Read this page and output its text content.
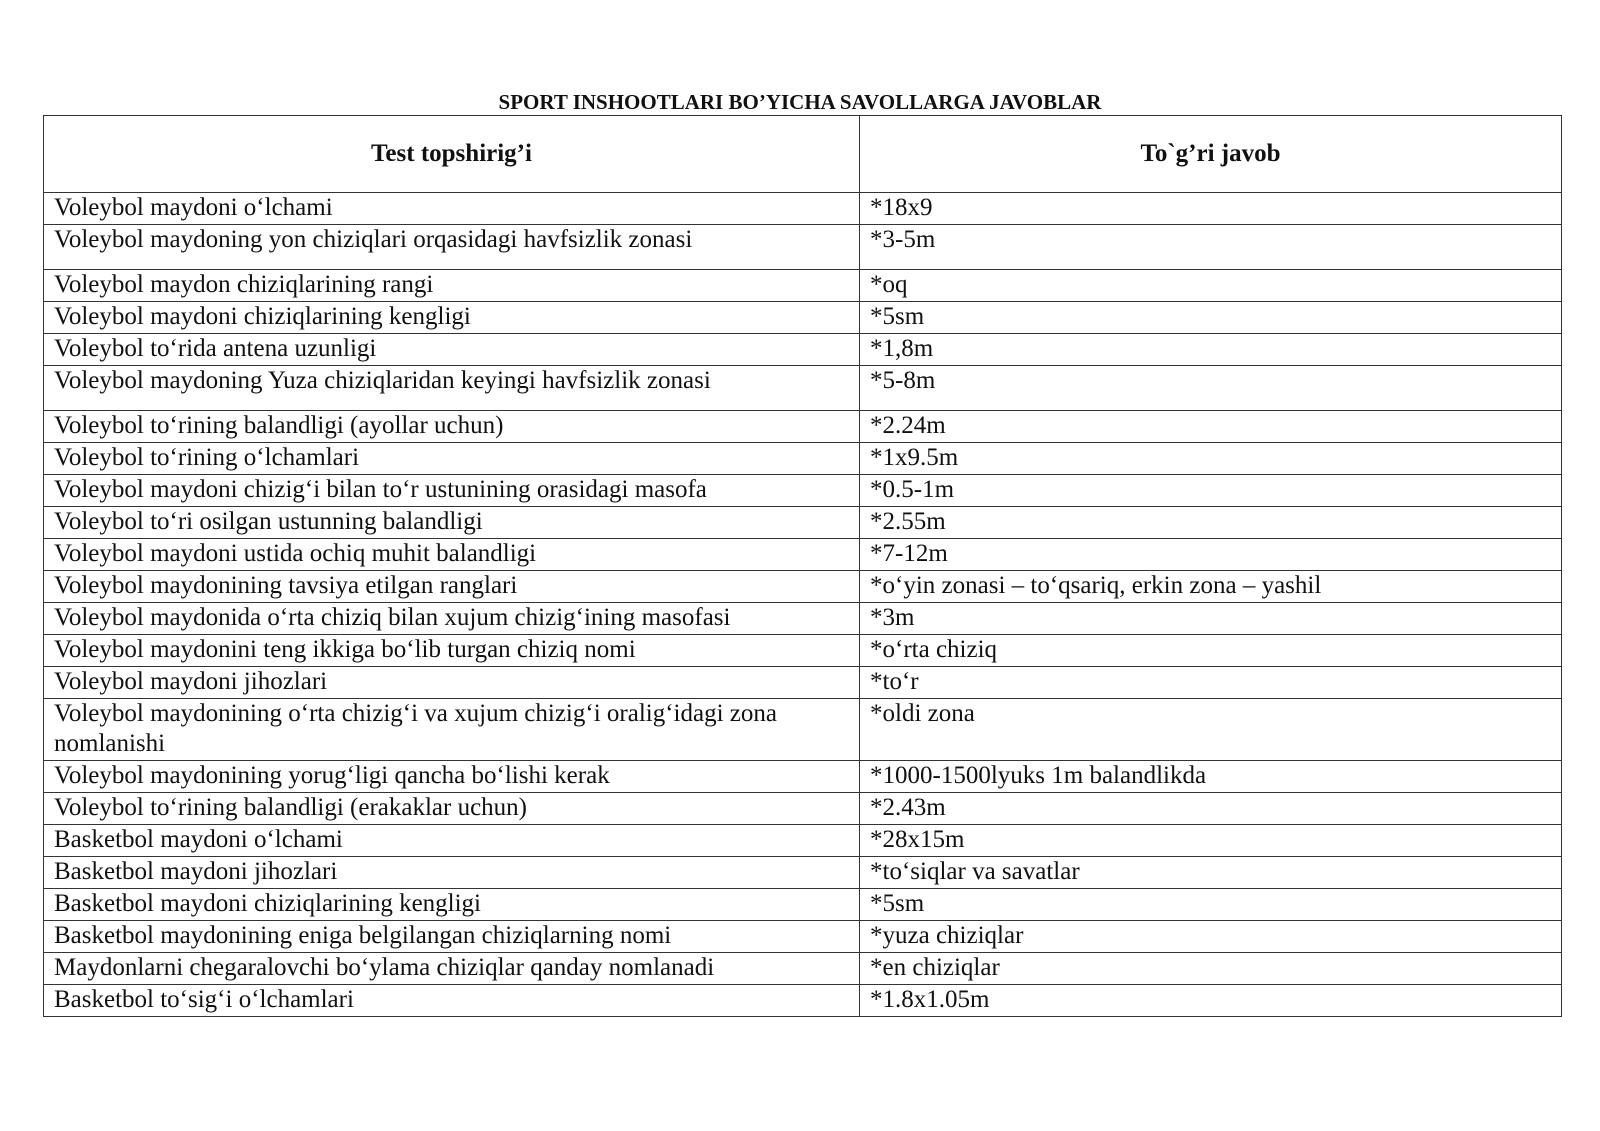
SPORT INSHOOTLARI BO’YICHA SAVOLLARGA JAVOBLAR
Test topshirig’i	To`g’ri javob
Voleybol maydoni o‘lchami	*18x9
Voleybol maydoning yon chiziqlari orqasidagi havfsizlik zonasi	*3-5m
Voleybol maydon chiziqlarining rangi	*oq
Voleybol maydoni chiziqlarining kengligi	*5sm
Voleybol to‘rida antena uzunligi	*1,8m
Voleybol maydoning Yuza chiziqlaridan keyingi havfsizlik zonasi	*5-8m
Voleybol to‘rining balandligi (ayollar uchun)	*2.24m
Voleybol to‘rining o‘lchamlari	*1x9.5m
Voleybol maydoni chizig‘i bilan to‘r ustunining orasidagi masofa	*0.5-1m
Voleybol to‘ri osilgan ustunning balandligi	*2.55m
Voleybol maydoni ustida ochiq muhit balandligi	*7-12m
Voleybol maydonining tavsiya etilgan ranglari	*o‘yin zonasi – to‘qsariq, erkin zona – yashil
Voleybol maydonida o‘rta chiziq bilan xujum chizig‘ining masofasi	*3m
Voleybol maydonini teng ikkiga bo‘lib turgan chiziq nomi	*o‘rta chiziq
Voleybol maydoni jihozlari	*to‘r
Voleybol maydonining o‘rta chizig‘i va xujum chizig‘i oralig‘idagi zona nomlanishi	*oldi zona
Voleybol maydonining yorug‘ligi qancha bo‘lishi kerak	*1000-1500lyuks 1m balandlikda
Voleybol to‘rining balandligi (erakaklar uchun)	*2.43m
Basketbol maydoni o‘lchami	*28x15m
Basketbol maydoni jihozlari	*to‘siqlar va savatlar
Basketbol maydoni chiziqlarining kengligi	*5sm
Basketbol maydonining eniga belgilangan chiziqlarning nomi	*yuza chiziqlar
Maydonlarni chegaralovchi bo‘ylama chiziqlar qanday nomlanadi	*en chiziqlar
Basketbol to‘sig‘i o‘lchamlari	*1.8x1.05m
